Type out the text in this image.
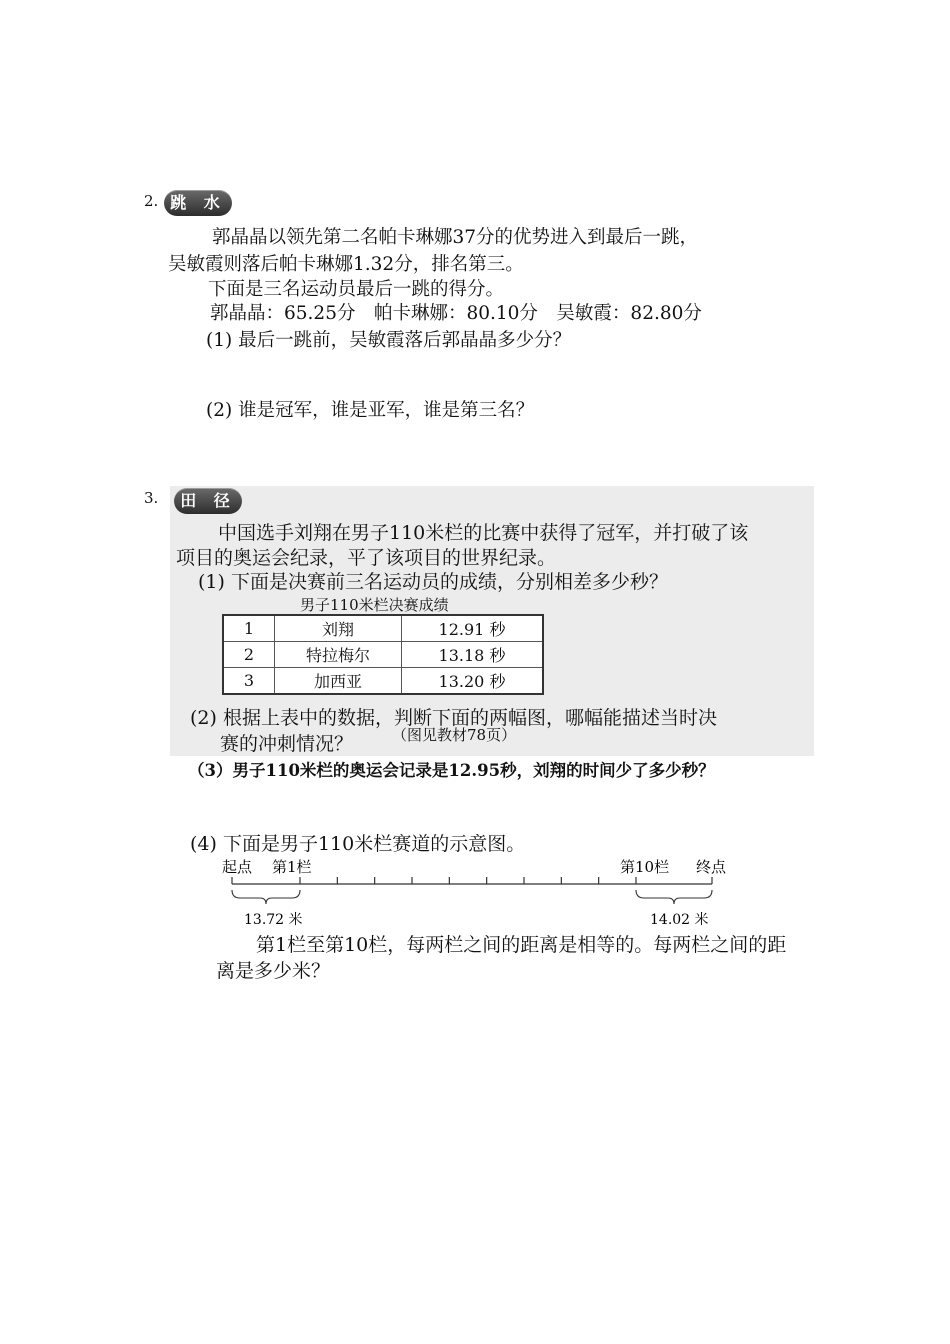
2. 跳 水
郭晶晶以领先第二名帕卡琳娜37分的优势进入到最后一跳，
吴敏霞则落后帕卡琳娜1.32分，排名第三。
下面是三名运动员最后一跳的得分。
郭晶晶：65.25分　帕卡琳娜：80.10分　吴敏霞：82.80分
(1) 最后一跳前，吴敏霞落后郭晶晶多少分？
(2) 谁是冠军，谁是亚军，谁是第三名？
3.	田 径
中国选手刘翔在男子110米栏的比赛中获得了冠军，并打破了该
项目的奥运会纪录，平了该项目的世界纪录。
(1) 下面是决赛前三名运动员的成绩，分别相差多少秒？
男子110米栏决赛成绩
1	刘翔	12.91 秒
2	特拉梅尔	13.18 秒
3	加西亚	13.20 秒
(2) 根据上表中的数据，判断下面的两幅图，哪幅能描述当时决
赛的冲刺情况？	（图见教材78页）
（3）男子110米栏的奥运会记录是12.95秒，刘翔的时间少了多少秒？
(4) 下面是男子110米栏赛道的示意图。
起点 第1栏	第10栏 终点
13.72 米	14.02 米
第1栏至第10栏，每两栏之间的距离是相等的。每两栏之间的距
离是多少米？
